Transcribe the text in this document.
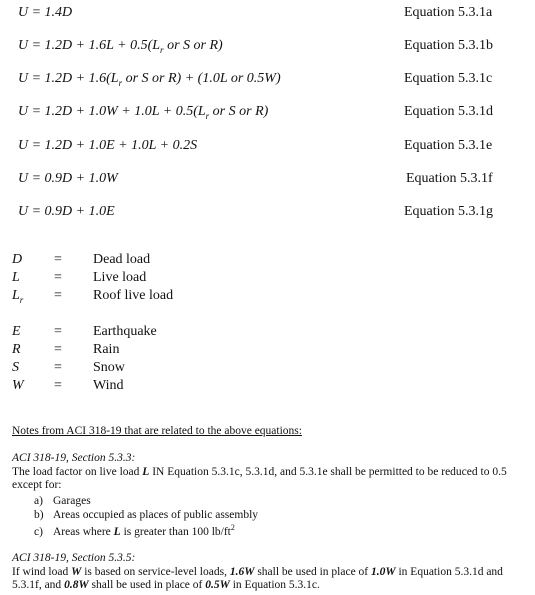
U = 1.4D	Equation 5.3.1a
$U = 1.2D + 1.6L + 0.5(L_r$ or S or R)	Equation 5.3.1b
$U = 1.2D + 1.6(L_r$ or S or R) + (1.0L or 0.5W)	Equation 5.3.1c
$U = 1.2D + 1.0W + 1.0L + 0.5(L_r$ or S or R)	Equation 5.3.1d
U = 1.2D + 1.0E + 1.0L + 0.2S	Equation 5.3.1e
U = 0.9D + 1.0W	Equation 5.3.1f
U = 0.9D + 1.0E	Equation 5.3.1g
D = Dead load
L = Live load
$L_r$ = Roof live load
E = Earthquake
R = Rain
S	= Snow
W = Wind
Notes from ACI 318-19 that are related to the above equations:
ACI 318-19, Section 5.3.3:
The load factor on live load L IN Equation 5.3.1c, 5.3.1d, and 5.3.1e shall be permitted to be reduced to 0.5 except for:
a) Garages
b) Areas occupied as places of public assembly
c) Areas where L is greater than 100 $lb/ft^2$
ACI 318-19, Section 5.3.5:
If wind load W is based on service-level loads, 1.6W shall be used in place of 1.0W in Equation 5.3.1d and 5.3.1f, and 0.8W shall be used in place of 0.5W in Equation 5.3.1c.
